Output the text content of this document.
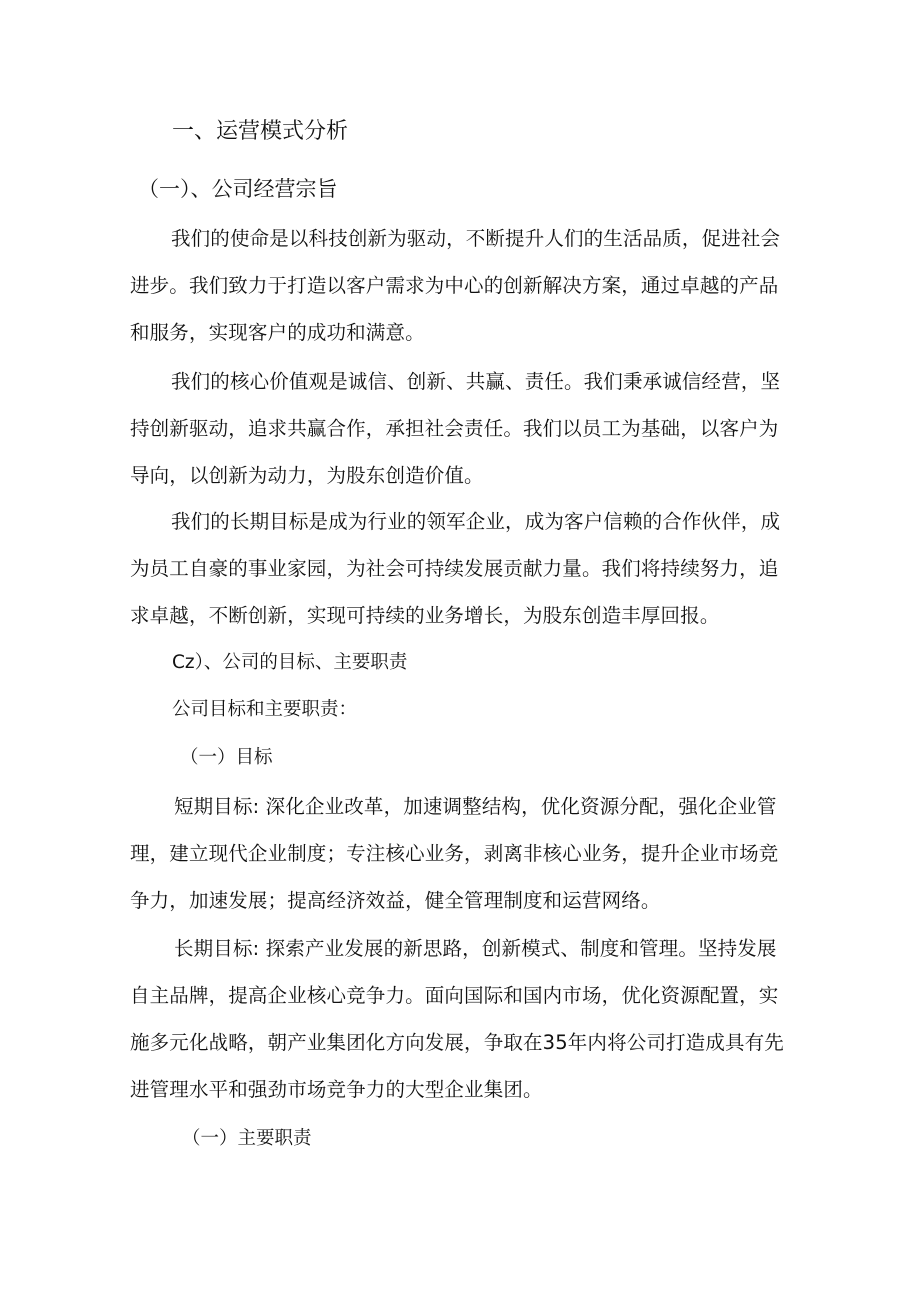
一、运营模式分析
（一）、公司经营宗旨
我们的使命是以科技创新为驱动，不断提升人们的生活品质，促进社会
进步。我们致力于打造以客户需求为中心的创新解决方案，通过卓越的产品
和服务，实现客户的成功和满意。
我们的核心价值观是诚信、创新、共赢、责任。我们秉承诚信经营，坚
持创新驱动，追求共赢合作，承担社会责任。我们以员工为基础，以客户为
导向，以创新为动力，为股东创造价值。
我们的长期目标是成为行业的领军企业，成为客户信赖的合作伙伴，成
为员工自豪的事业家园，为社会可持续发展贡献力量。我们将持续努力，追
求卓越，不断创新，实现可持续的业务增长，为股东创造丰厚回报。
Cz）、公司的目标、主要职责
公司目标和主要职责：
（一）目标
短期目标: 深化企业改革，加速调整结构，优化资源分配，强化企业管
理，建立现代企业制度；专注核心业务，剥离非核心业务，提升企业市场竞
争力，加速发展；提高经济效益，健全管理制度和运营网络。
长期目标: 探索产业发展的新思路，创新模式、制度和管理。坚持发展
自主品牌，提高企业核心竞争力。面向国际和国内市场，优化资源配置，实
施多元化战略，朝产业集团化方向发展，争取在35年内将公司打造成具有先
进管理水平和强劲市场竞争力的大型企业集团。
（一）主要职责
